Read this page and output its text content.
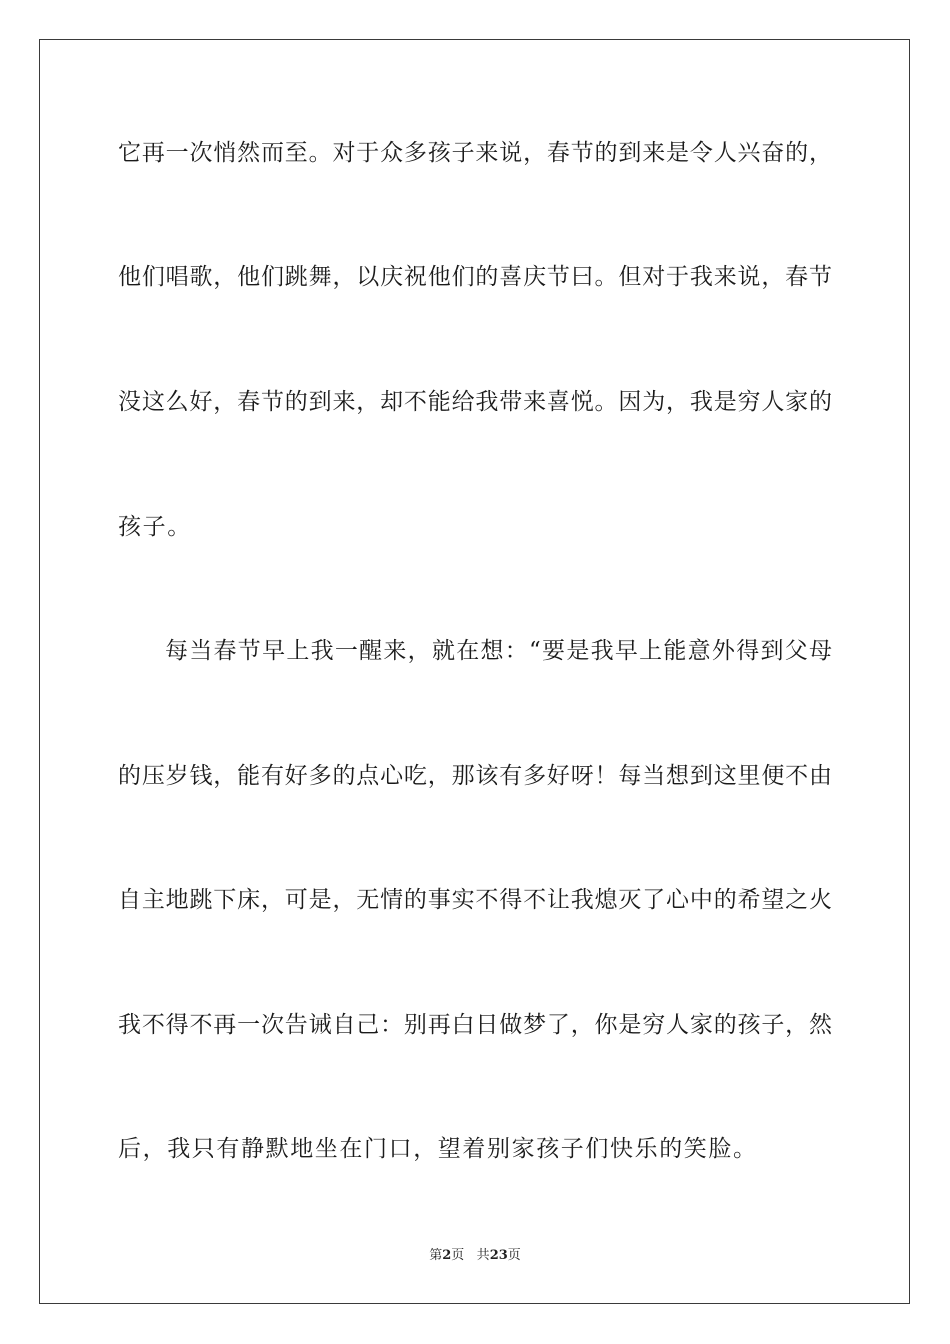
它再一次悄然而至。对于众多孩子来说，春节的到来是令人兴奋的，
他们唱歌，他们跳舞，以庆祝他们的喜庆节曰。但对于我来说，春节
没这么好，春节的到来，却不能给我带来喜悦。因为，我是穷人家的
孩子。
每当春节早上我一醒来，就在想：“要是我早上能意外得到父母
的压岁钱，能有好多的点心吃，那该有多好呀！每当想到这里便不由
自主地跳下床，可是，无情的事实不得不让我熄灭了心中的希望之火
我不得不再一次告诫自己：别再白日做梦了，你是穷人家的孩子，然
后，我只有静默地坐在门口，望着别家孩子们快乐的笑脸。
第2页 共23页
